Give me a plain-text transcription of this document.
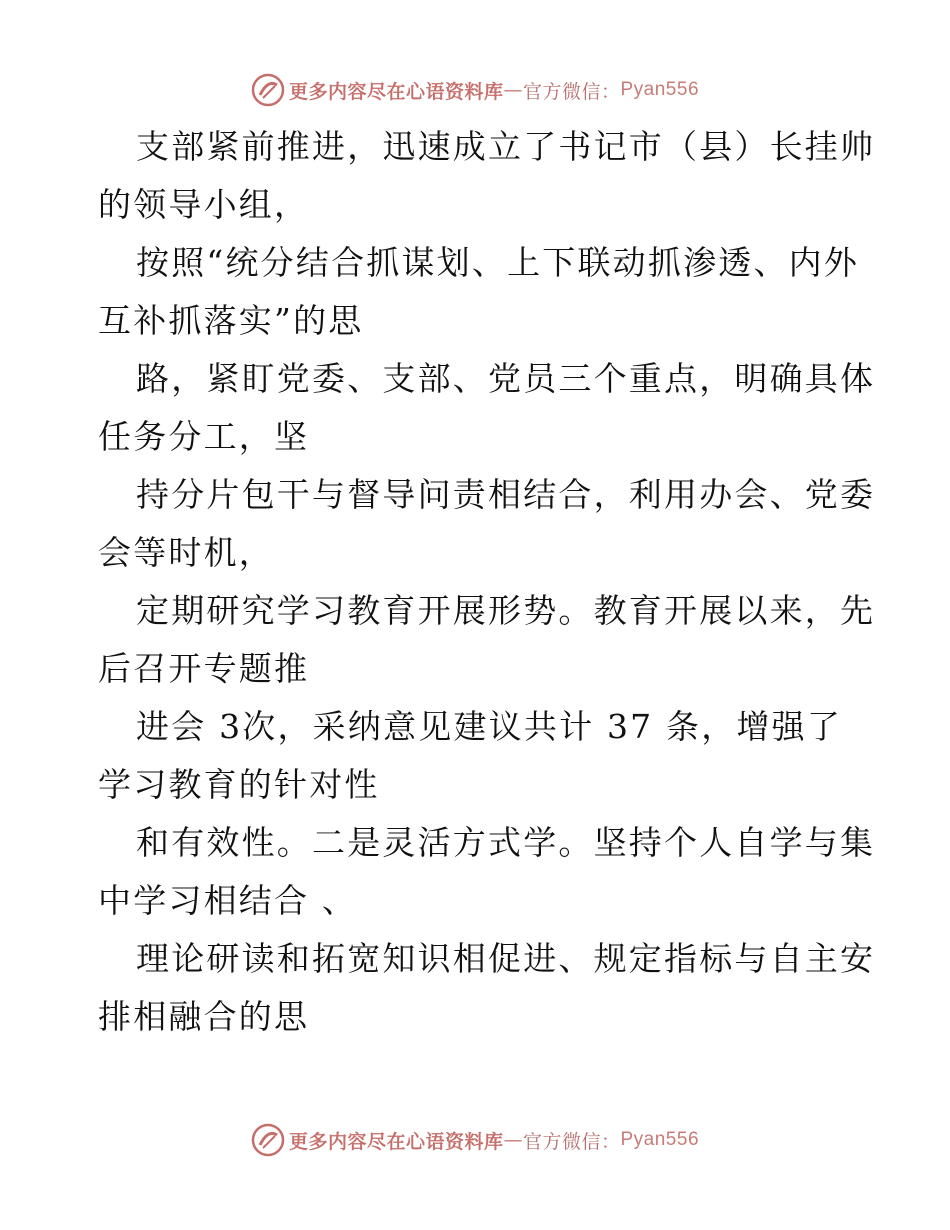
更多内容尽在心语资料库 — 官方微信： Pyan556

支部紧前推进，迅速成立了书记市（县）长挂帅
的领导小组，

按照“统分结合抓谋划、上下联动抓渗透、内外
互补抓落实”的思

路，紧盯党委、支部、党员三个重点，明确具体
任务分工，坚

持分片包干与督导问责相结合，利用办会、党委
会等时机，

定期研究学习教育开展形势。教育开展以来，先
后召开专题推

进会 3次，采纳意见建议共计 37 条，增强了
学习教育的针对性

和有效性。二是灵活方式学。坚持个人自学与集
中学习相结合 、

理论研读和拓宽知识相促进、规定指标与自主安
排相融合的思

更多内容尽在心语资料库 — 官方微信： Pyan556
